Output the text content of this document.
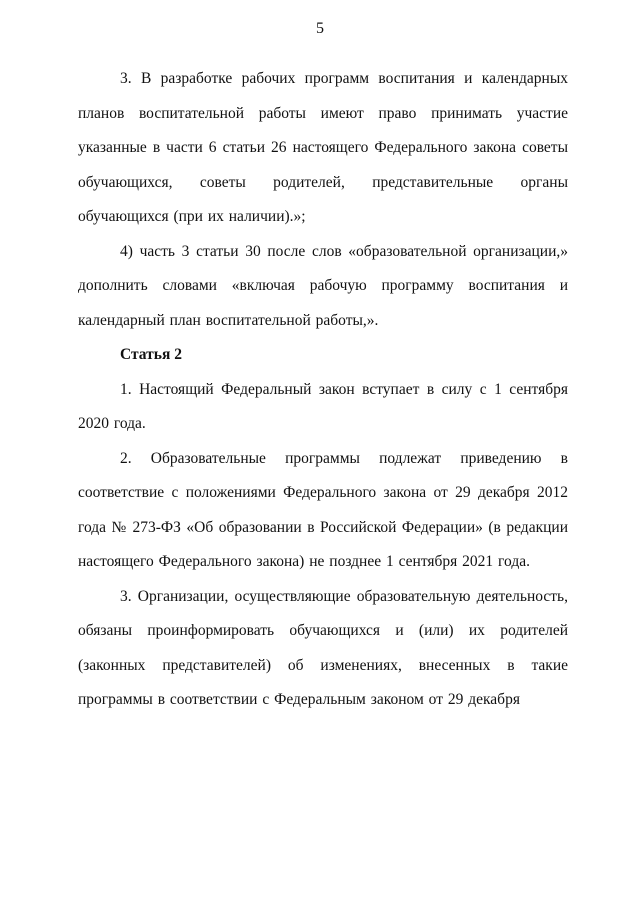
5

3. В разработке рабочих программ воспитания и календарных планов воспитательной работы имеют право принимать участие указанные в части 6 статьи 26 настоящего Федерального закона советы обучающихся, советы родителей, представительные органы обучающихся (при их наличии).»;

4) часть 3 статьи 30 после слов «образовательной организации,» дополнить словами «включая рабочую программу воспитания и календарный план воспитательной работы,».

Статья 2

1. Настоящий Федеральный закон вступает в силу с 1 сентября 2020 года.

2. Образовательные программы подлежат приведению в соответствие с положениями Федерального закона от 29 декабря 2012 года № 273-ФЗ «Об образовании в Российской Федерации» (в редакции настоящего Федерального закона) не позднее 1 сентября 2021 года.

3. Организации, осуществляющие образовательную деятельность, обязаны проинформировать обучающихся и (или) их родителей (законных представителей) об изменениях, внесенных в такие программы в соответствии с Федеральным законом от 29 декабря
